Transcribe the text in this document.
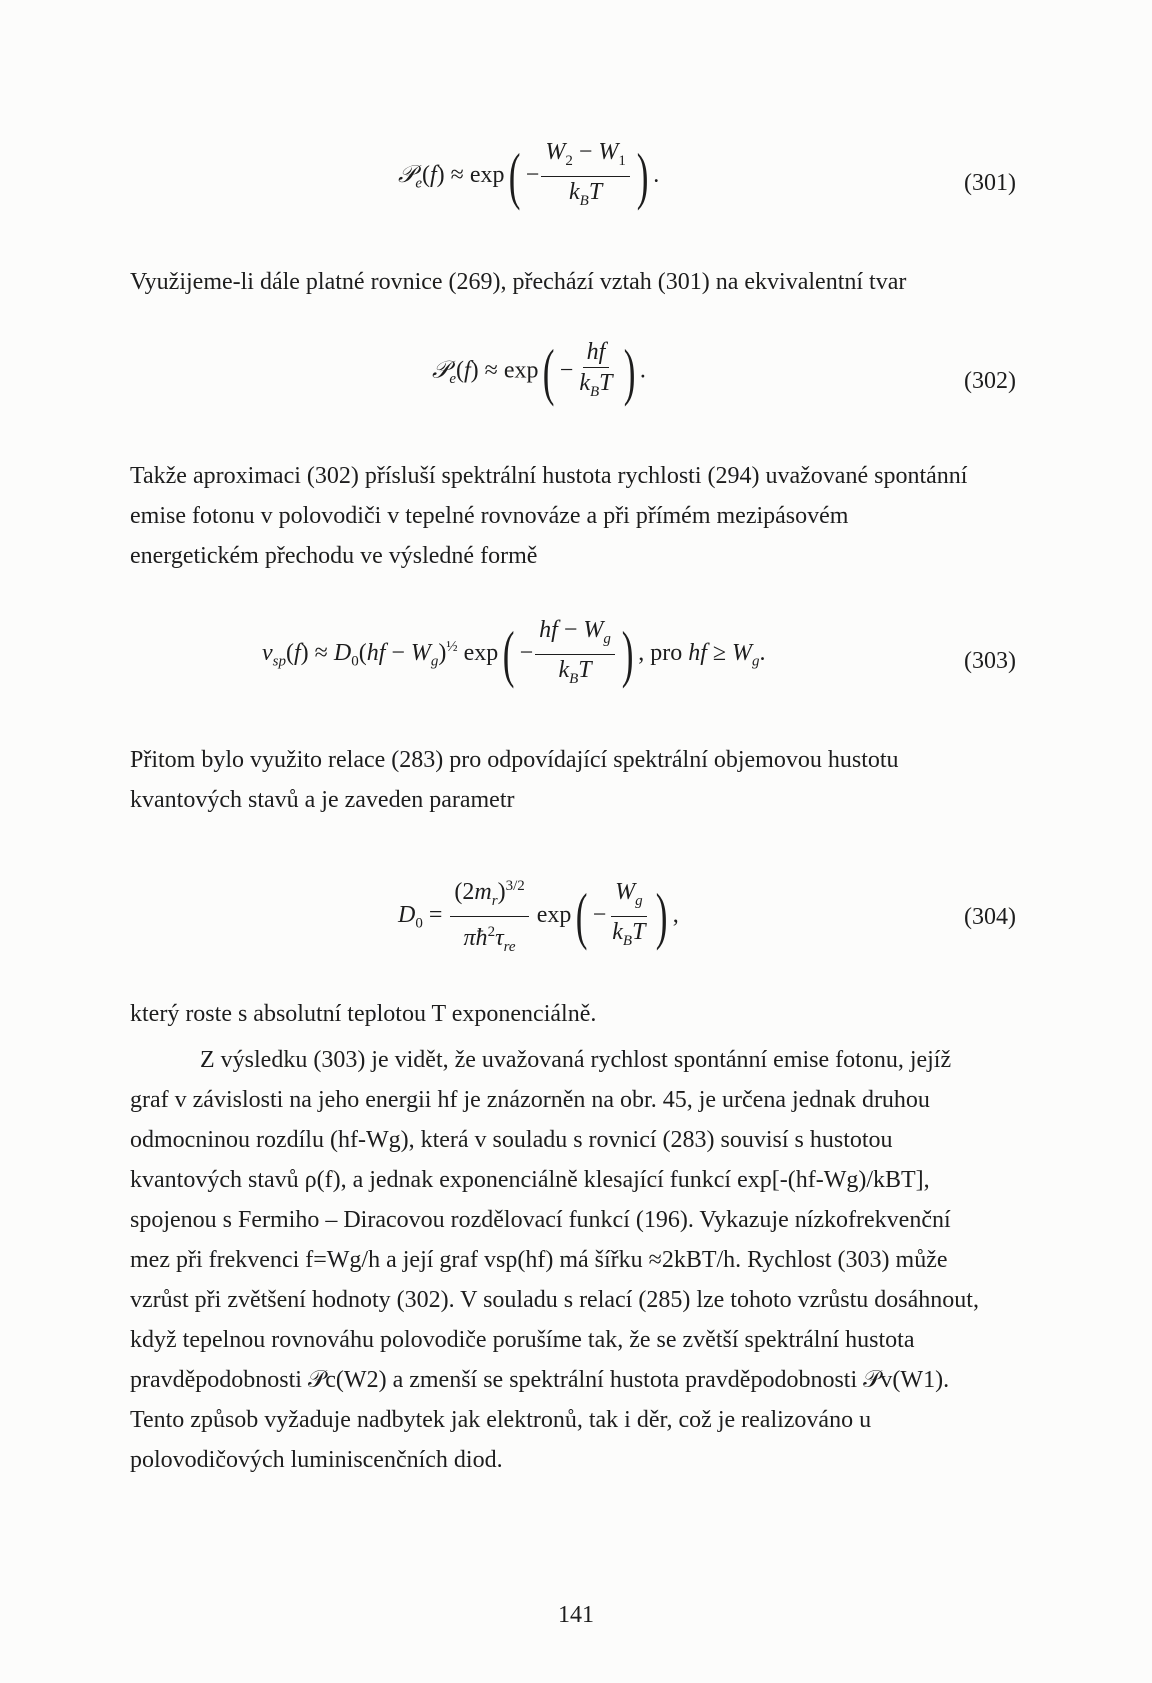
𝒫$_e$(f) ≈ $\exp( - \frac{W_2 - W_1}{k_BT}$ ) .	(301)
Využijeme-li dále platné rovnice (269), přechází vztah (301) na ekvivalentní tvar
𝒫$_e$(f) ≈ $\exp( - \frac{hf}{k_BT}$ ) .	(302)
Takže aproximaci (302) přísluší spektrální hustota rychlosti (294) uvažované spontánní
emise fotonu v polovodiči v tepelné rovnováze a při přímém mezipásovém
energetickém přechodu ve výsledné formě
$v_{sp}(f) \approx D_0(hf - W_g)^{\frac{1}{2}}$ $\exp( - \frac{hf - W_g}{k_BT}$ ) , pro hf ≥ $W_g$.	(303)
Přitom bylo využito relace (283) pro odpovídající spektrální objemovou hustotu
kvantových stavů a je zaveden parametr
$D_0 = \frac{(2m_r)^{3/2}}{\pi ħ^2\tau_{re}} \exp( - \frac{W_g}{k_BT}$ ) ,	(304)
který roste s absolutní teplotou T exponenciálně.
Z výsledku (303) je vidět, že uvažovaná rychlost spontánní emise fotonu, jejíž
graf v závislosti na jeho energii hf je znázorněn na obr. 45, je určena jednak druhou
odmocninou rozdílu (hf-Wg), která v souladu s rovnicí (283) souvisí s hustotou
kvantových stavů ρ(f), a jednak exponenciálně klesající funkcí exp[-(hf-Wg)/kBT],
spojenou s Fermiho – Diracovou rozdělovací funkcí (196). Vykazuje nízkofrekvenční
mez při frekvenci f=Wg/h a její graf vsp(hf) má šířku ≈2kBT/h. Rychlost (303) může
vzrůst při zvětšení hodnoty (302). V souladu s relací (285) lze tohoto vzrůstu dosáhnout,
když tepelnou rovnováhu polovodiče porušíme tak, že se zvětší spektrální hustota
pravděpodobnosti 𝒫c(W2) a zmenší se spektrální hustota pravděpodobnosti 𝒫v(W1).
Tento způsob vyžaduje nadbytek jak elektronů, tak i děr, což je realizováno u
polovodičových luminiscenčních diod.
141
